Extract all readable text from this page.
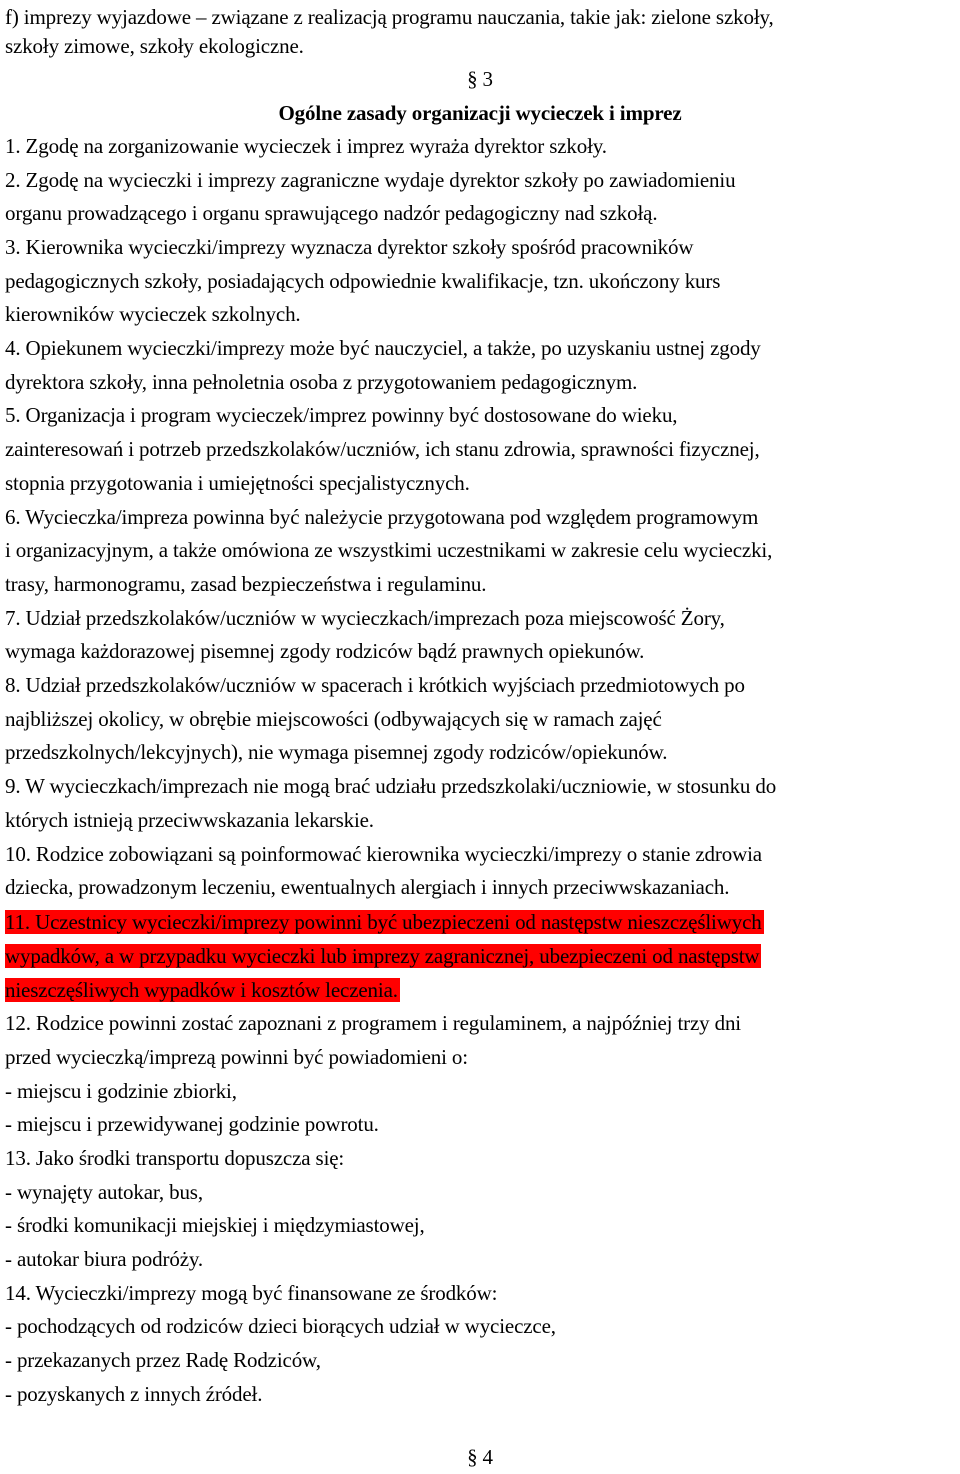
f) imprezy wyjazdowe – związane z realizacją programu nauczania, takie jak: zielone szkoły,
szkoły zimowe, szkoły ekologiczne.
§ 3
Ogólne zasady organizacji wycieczek i imprez
1. Zgodę na zorganizowanie wycieczek i imprez wyraża dyrektor szkoły.
2. Zgodę na wycieczki i imprezy zagraniczne wydaje dyrektor szkoły po zawiadomieniu
organu prowadzącego i organu sprawującego nadzór pedagogiczny nad szkołą.
3. Kierownika wycieczki/imprezy wyznacza dyrektor szkoły spośród pracowników
pedagogicznych szkoły, posiadających odpowiednie kwalifikacje, tzn. ukończony kurs
kierowników wycieczek szkolnych.
4. Opiekunem wycieczki/imprezy może być nauczyciel, a także, po uzyskaniu ustnej zgody
dyrektora szkoły, inna pełnoletnia osoba z przygotowaniem pedagogicznym.
5. Organizacja i program wycieczek/imprez powinny być dostosowane do wieku,
zainteresowań i potrzeb przedszkolaków/uczniów, ich stanu zdrowia, sprawności fizycznej,
stopnia przygotowania i umiejętności specjalistycznych.
6. Wycieczka/impreza powinna być należycie przygotowana pod względem programowym
i organizacyjnym, a także omówiona ze wszystkimi uczestnikami w zakresie celu wycieczki,
trasy, harmonogramu, zasad bezpieczeństwa i regulaminu.
7. Udział przedszkolaków/uczniów w wycieczkach/imprezach poza miejscowość Żory,
wymaga każdorazowej pisemnej zgody rodziców bądź prawnych opiekunów.
8. Udział przedszkolaków/uczniów w spacerach i krótkich wyjściach przedmiotowych po
najbliższej okolicy, w obrębie miejscowości (odbywających się w ramach zajęć
przedszkolnych/lekcyjnych), nie wymaga pisemnej zgody rodziców/opiekunów.
9. W wycieczkach/imprezach nie mogą brać udziału przedszkolaki/uczniowie, w stosunku do
których istnieją przeciwwskazania lekarskie.
10. Rodzice zobowiązani są poinformować kierownika wycieczki/imprezy o stanie zdrowia
dziecka, prowadzonym leczeniu, ewentualnych alergiach i innych przeciwwskazaniach.
11. Uczestnicy wycieczki/imprezy powinni być ubezpieczeni od następstw nieszczęśliwych
wypadków, a w przypadku wycieczki lub imprezy zagranicznej, ubezpieczeni od następstw
nieszczęśliwych wypadków i kosztów leczenia.
12. Rodzice powinni zostać zapoznani z programem i regulaminem, a najpóźniej trzy dni
przed wycieczką/imprezą powinni być powiadomieni o:
- miejscu i godzinie zbiorki,
- miejscu i przewidywanej godzinie powrotu.
13. Jako środki transportu dopuszcza się:
- wynajęty autokar, bus,
- środki komunikacji miejskiej i międzymiastowej,
- autokar biura podróży.
14. Wycieczki/imprezy mogą być finansowane ze środków:
- pochodzących od rodziców dzieci biorących udział w wycieczce,
- przekazanych przez Radę Rodziców,
- pozyskanych z innych źródeł.
§ 4
